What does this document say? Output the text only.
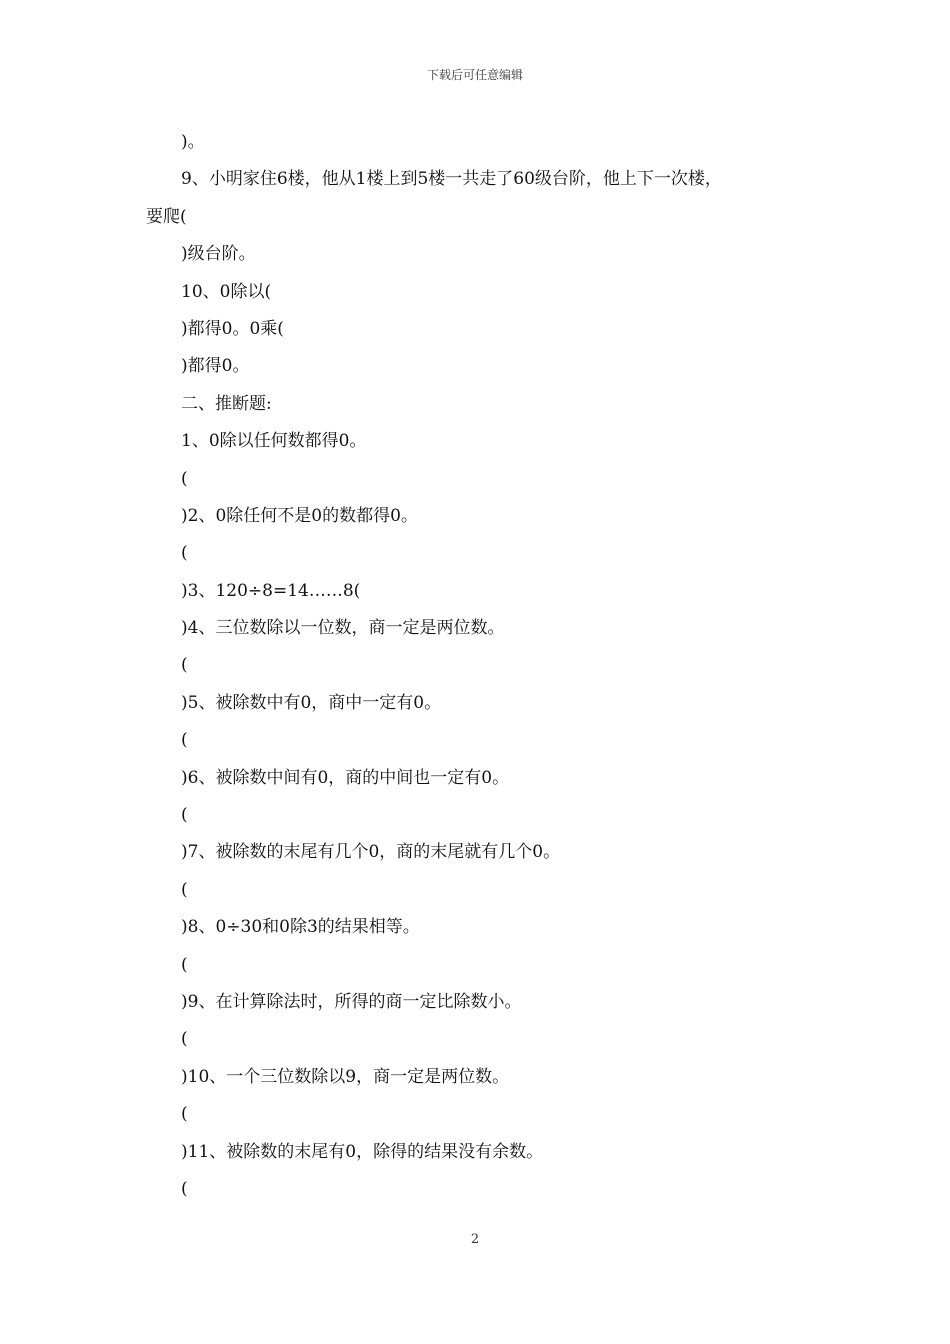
下载后可任意编辑
)。
9、小明家住6楼，他从1楼上到5楼一共走了60级台阶，他上下一次楼，
要爬(
)级台阶。
10、0除以(
)都得0。0乘(
)都得0。
二、推断题:
1、0除以任何数都得0。
(
)2、0除任何不是0的数都得0。
(
)3、120÷8=14……8(
)4、三位数除以一位数，商一定是两位数。
(
)5、被除数中有0，商中一定有0。
(
)6、被除数中间有0，商的中间也一定有0。
(
)7、被除数的末尾有几个0，商的末尾就有几个0。
(
)8、0÷30和0除3的结果相等。
(
)9、在计算除法时，所得的商一定比除数小。
(
)10、一个三位数除以9，商一定是两位数。
(
)11、被除数的末尾有0，除得的结果没有余数。
(
2
